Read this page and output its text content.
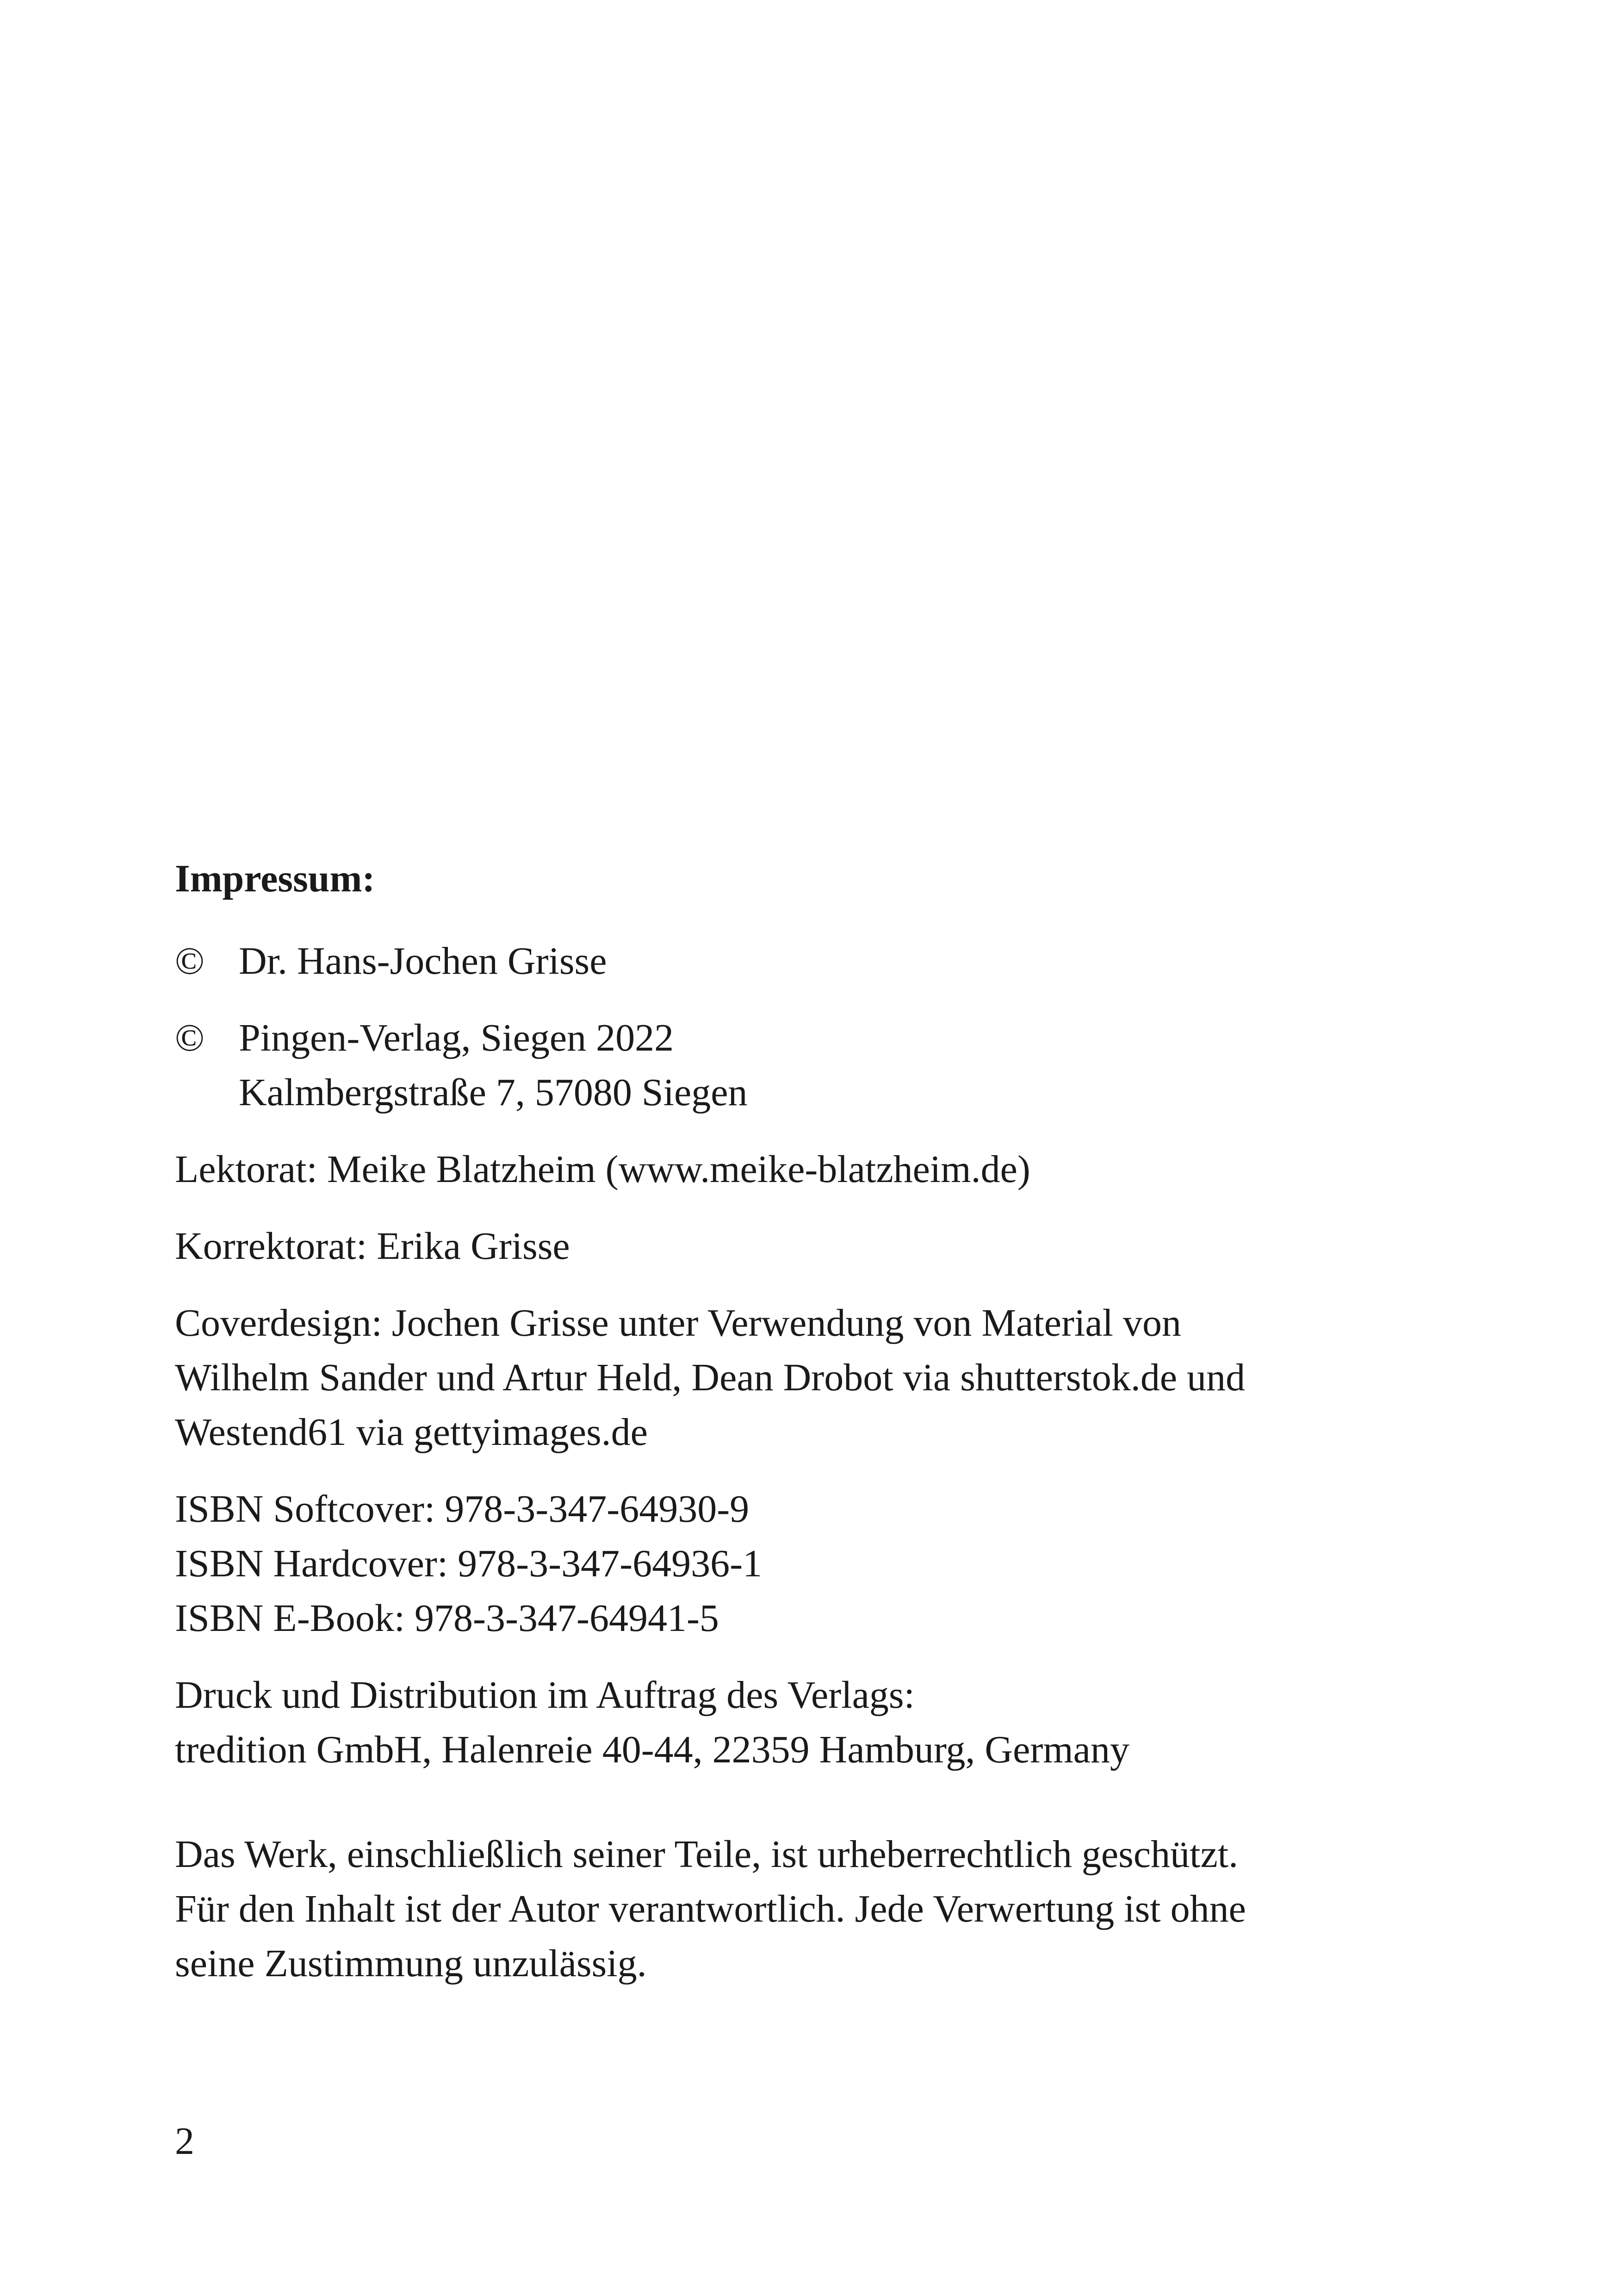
Impressum:

© Dr. Hans-Jochen Grisse
© Pingen-Verlag, Siegen 2022
Kalmbergstraße 7, 57080 Siegen

Lektorat: Meike Blatzheim (www.meike-blatzheim.de)

Korrektorat: Erika Grisse

Coverdesign: Jochen Grisse unter Verwendung von Material von
Wilhelm Sander und Artur Held, Dean Drobot via shutterstok.de und
Westend61 via gettyimages.de

ISBN Softcover: 978-3-347-64930-9
ISBN Hardcover: 978-3-347-64936-1
ISBN E-Book: 978-3-347-64941-5

Druck und Distribution im Auftrag des Verlags:
tredition GmbH, Halenreie 40-44, 22359 Hamburg, Germany

Das Werk, einschließlich seiner Teile, ist urheberrechtlich geschützt.
Für den Inhalt ist der Autor verantwortlich. Jede Verwertung ist ohne
seine Zustimmung unzulässig.

2
